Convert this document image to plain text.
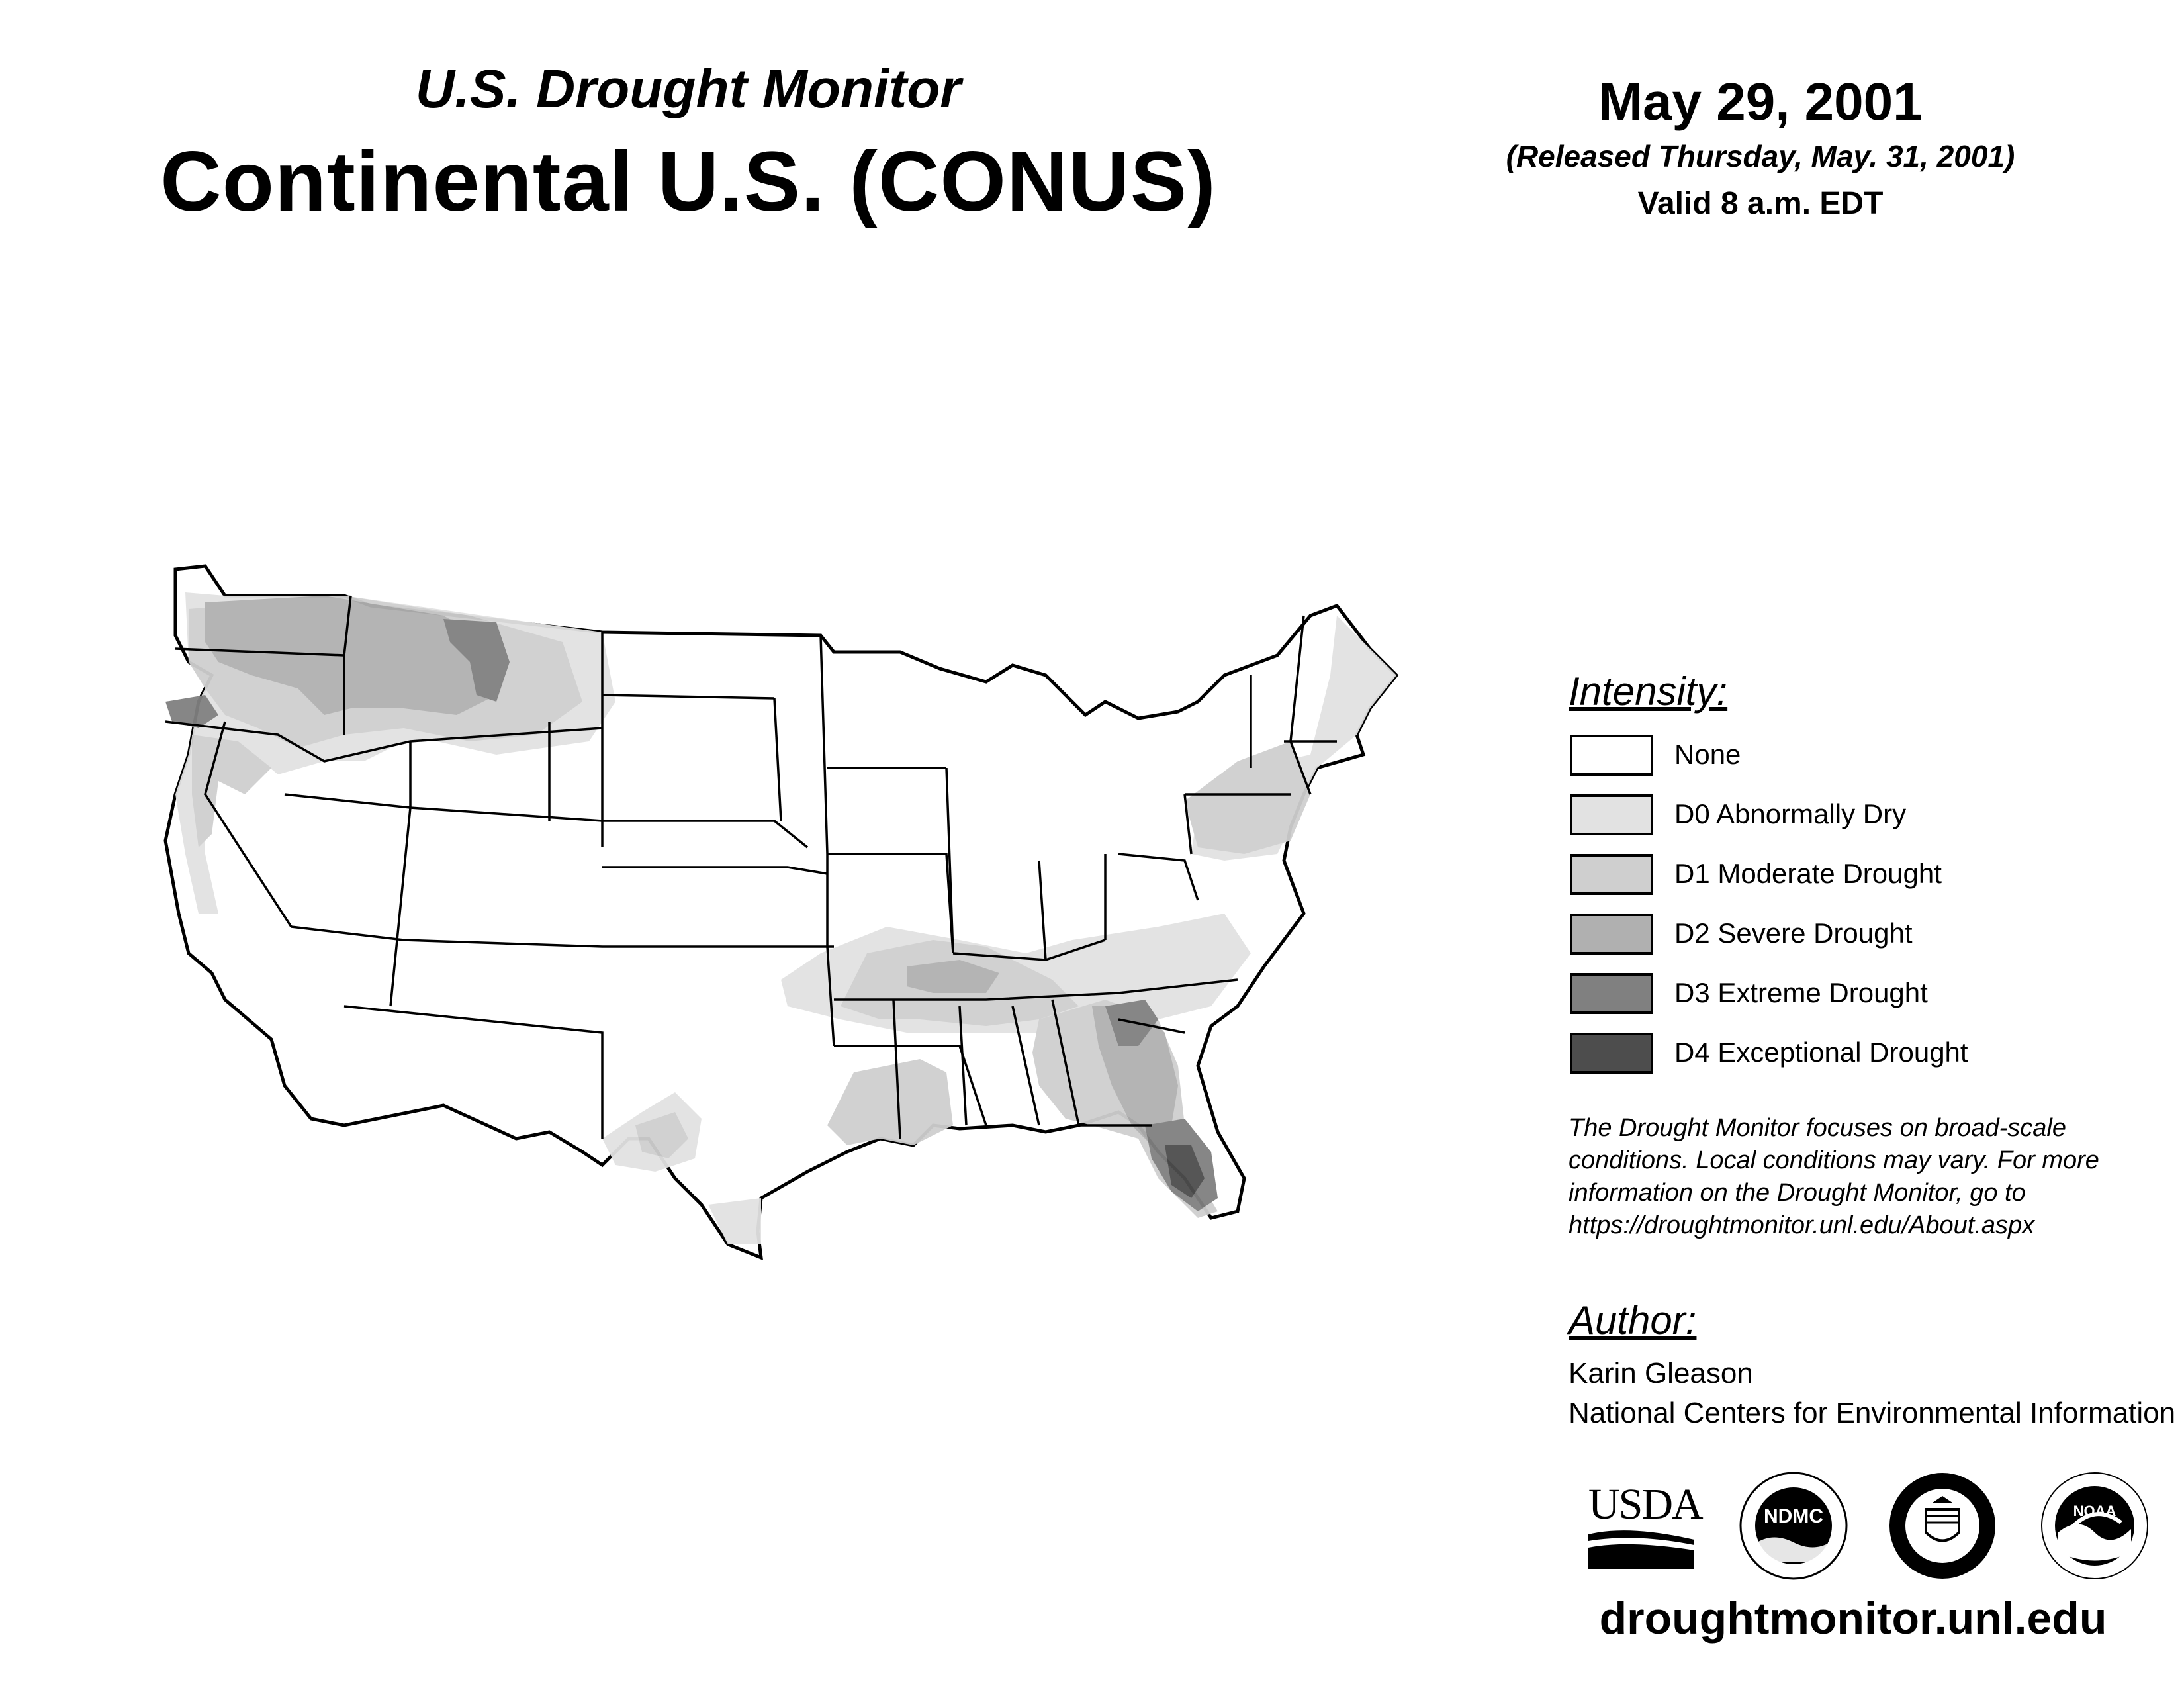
U.S. Drought Monitor
Continental U.S. (CONUS)
May 29, 2001
(Released Thursday, May. 31, 2001)
Valid 8 a.m. EDT
Intensity:
None
D0 Abnormally Dry
D1 Moderate Drought
D2 Severe Drought
D3 Extreme Drought
D4 Exceptional Drought
The Drought Monitor focuses on broad-scale
conditions. Local conditions may vary. For more
information on the Drought Monitor, go to
https://droughtmonitor.unl.edu/About.aspx
Author:
Karin Gleason
National Centers for Environmental Information
USDA	NDMC	NOAA
droughtmonitor.unl.edu
